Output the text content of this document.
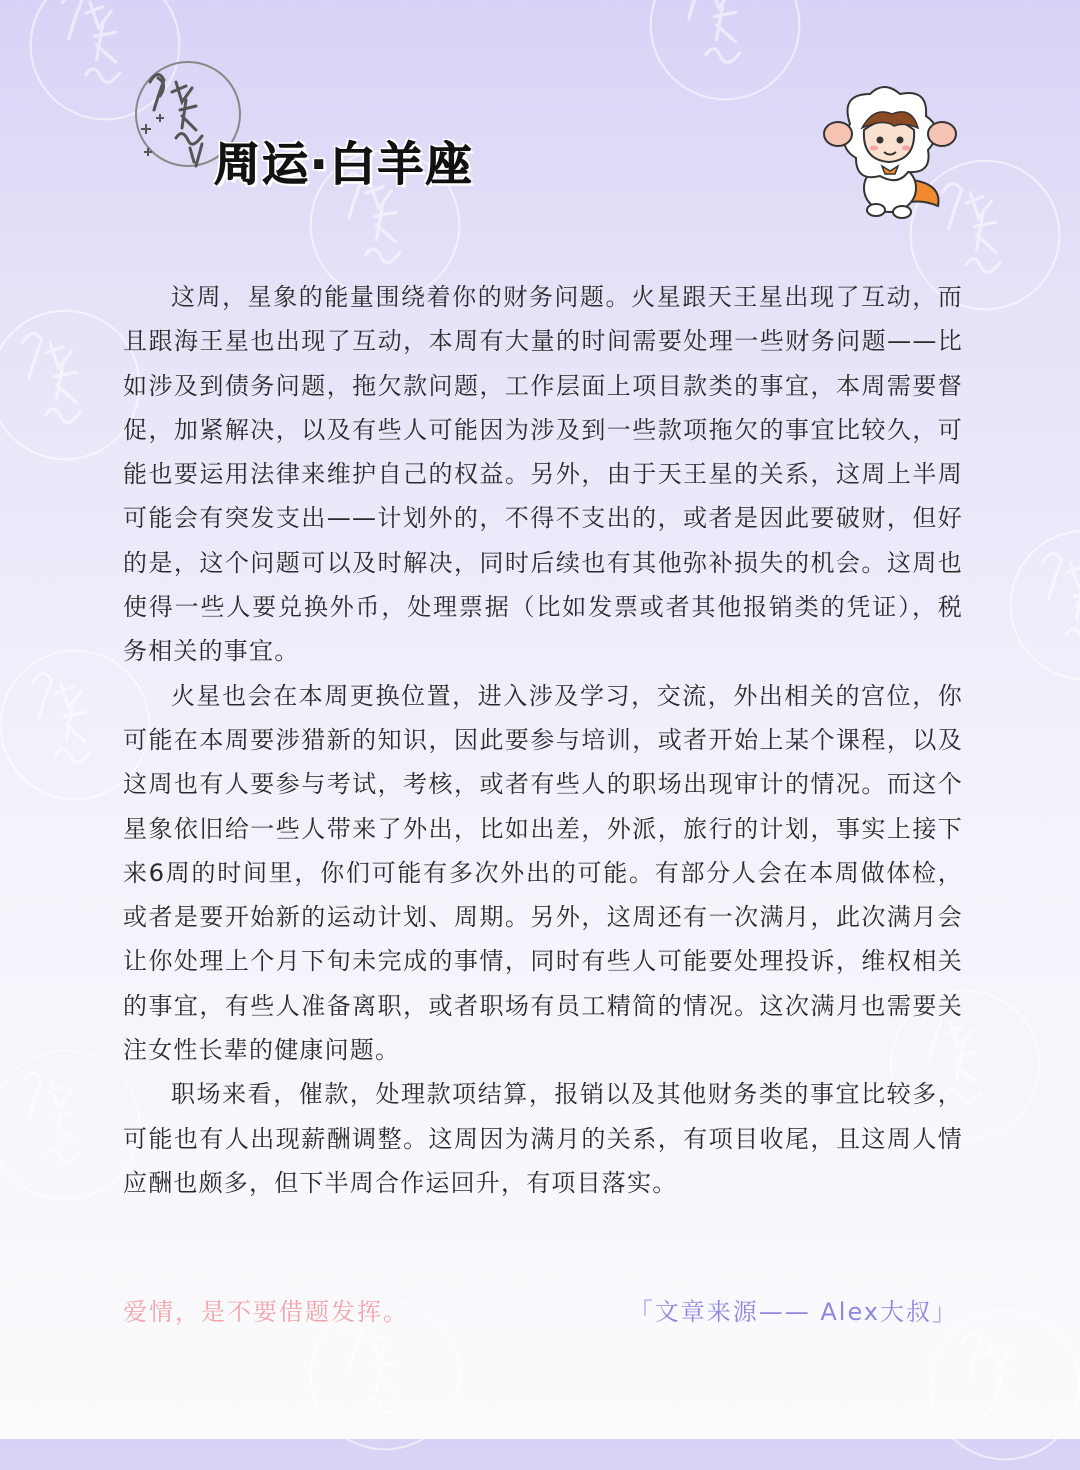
周运·白羊座

这周，星象的能量围绕着你的财务问题。火星跟天王星出现了互动，而且跟海王星也出现了互动，本周有大量的时间需要处理一些财务问题——比如涉及到债务问题，拖欠款问题，工作层面上项目款类的事宜，本周需要督促，加紧解决，以及有些人可能因为涉及到一些款项拖欠的事宜比较久，可能也要运用法律来维护自己的权益。另外，由于天王星的关系，这周上半周可能会有突发支出——计划外的，不得不支出的，或者是因此要破财，但好的是，这个问题可以及时解决，同时后续也有其他弥补损失的机会。这周也使得一些人要兑换外币，处理票据（比如发票或者其他报销类的凭证），税务相关的事宜。

火星也会在本周更换位置，进入涉及学习，交流，外出相关的宫位，你可能在本周要涉猎新的知识，因此要参与培训，或者开始上某个课程，以及这周也有人要参与考试，考核，或者有些人的职场出现审计的情况。而这个星象依旧给一些人带来了外出，比如出差，外派，旅行的计划，事实上接下来6周的时间里，你们可能有多次外出的可能。有部分人会在本周做体检，或者是要开始新的运动计划、周期。另外，这周还有一次满月，此次满月会让你处理上个月下旬未完成的事情，同时有些人可能要处理投诉，维权相关的事宜，有些人准备离职，或者职场有员工精简的情况。这次满月也需要关注女性长辈的健康问题。

职场来看，催款，处理款项结算，报销以及其他财务类的事宜比较多，可能也有人出现薪酬调整。这周因为满月的关系，有项目收尾，且这周人情应酬也颇多，但下半周合作运回升，有项目落实。

爱情，是不要借题发挥。	「文章来源—— Alex大叔」
